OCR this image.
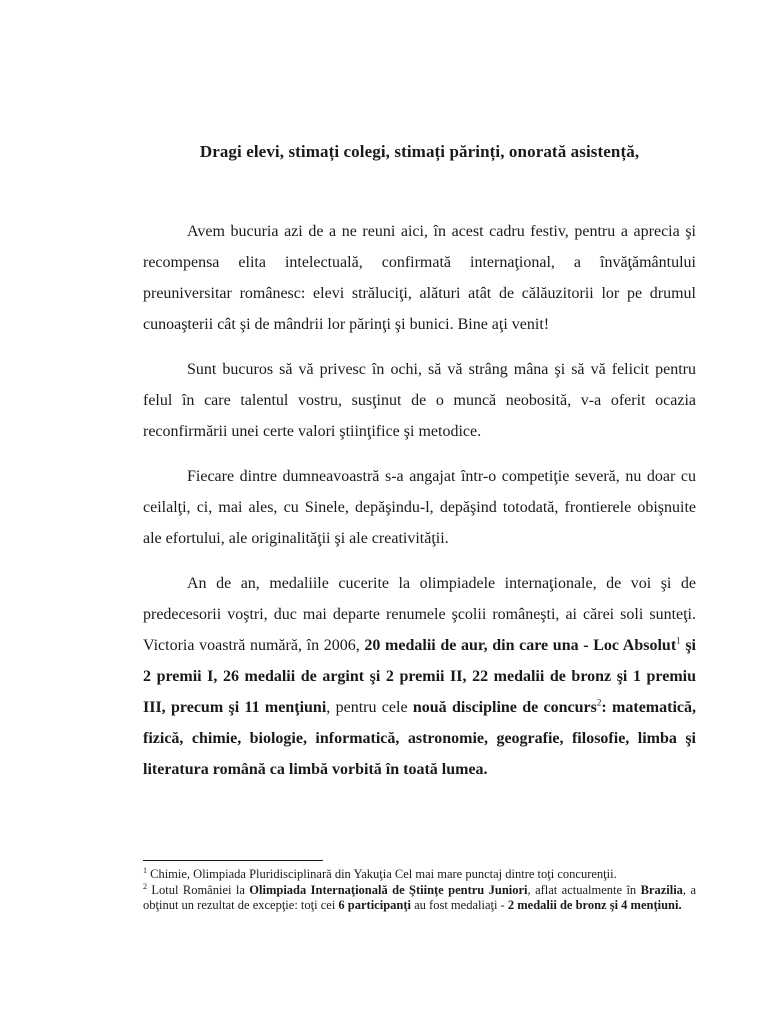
Dragi elevi, stimați colegi, stimați părinți, onorată asistență,

Avem bucuria azi de a ne reuni aici, în acest cadru festiv, pentru a aprecia şi recompensa elita intelectuală, confirmată internaţional, a învăţământului preuniversitar românesc: elevi străluciţi, alături atât de călăuzitorii lor pe drumul cunoaşterii cât şi de mândrii lor părinţi şi bunici. Bine aţi venit!

Sunt bucuros să vă privesc în ochi, să vă strâng mâna şi să vă felicit pentru felul în care talentul vostru, susţinut de o muncă neobosită, v-a oferit ocazia reconfirmării unei certe valori ştiinţifice şi metodice.

Fiecare dintre dumneavoastră s-a angajat într-o competiţie severă, nu doar cu ceilalţi, ci, mai ales, cu Sinele, depăşindu-l, depăşind totodată, frontierele obişnuite ale efortului, ale originalităţii şi ale creativităţii.

An de an, medaliile cucerite la olimpiadele internaţionale, de voi şi de predecesorii voştri, duc mai departe renumele şcolii româneşti, ai cărei soli sunteţi. Victoria voastră numără, în 2006, 20 medalii de aur, din care una - Loc Absolut$^1$ şi 2 premii I, 26 medalii de argint şi 2 premii II, 22 medalii de bronz şi 1 premiu III, precum şi 11 menţiuni, pentru cele nouă discipline de concurs$^2$: matematică, fizică, chimie, biologie, informatică, astronomie, geografie, filosofie, limba şi literatura română ca limbă vorbită în toată lumea.

$^1$ Chimie, Olimpiada Pluridisciplinară din Yakuţia Cel mai mare punctaj dintre toţi concurenţii.

$^2$ Lotul României la Olimpiada Internaţională de Ştiinţe pentru Juniori, aflat actualmente în Brazilia, a obţinut un rezultat de excepţie: toţi cei 6 participanţi au fost medaliaţi - 2 medalii de bronz şi 4 menţiuni.
